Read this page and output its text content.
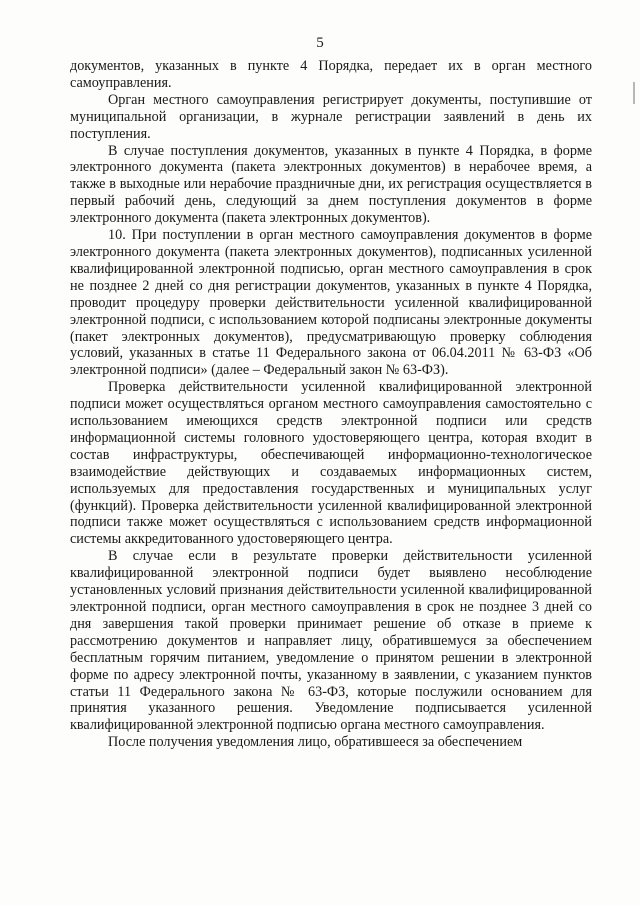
5

документов, указанных в пункте 4 Порядка, передает их в орган местного самоуправления.

Орган местного самоуправления регистрирует документы, поступившие от муниципальной организации, в журнале регистрации заявлений в день их поступления.

В случае поступления документов, указанных в пункте 4 Порядка, в форме электронного документа (пакета электронных документов) в нерабочее время, а также в выходные или нерабочие праздничные дни, их регистрация осуществляется в первый рабочий день, следующий за днем поступления документов в форме электронного документа (пакета электронных документов).

10. При поступлении в орган местного самоуправления документов в форме электронного документа (пакета электронных документов), подписанных усиленной квалифицированной электронной подписью, орган местного самоуправления в срок не позднее 2 дней со дня регистрации документов, указанных в пункте 4 Порядка, проводит процедуру проверки действительности усиленной квалифицированной электронной подписи, с использованием которой подписаны электронные документы (пакет электронных документов), предусматривающую проверку соблюдения условий, указанных в статье 11 Федерального закона от 06.04.2011 № 63-ФЗ «Об электронной подписи» (далее – Федеральный закон № 63-ФЗ).

Проверка действительности усиленной квалифицированной электронной подписи может осуществляться органом местного самоуправления самостоятельно с использованием имеющихся средств электронной подписи или средств информационной системы головного удостоверяющего центра, которая входит в состав инфраструктуры, обеспечивающей информационно-технологическое взаимодействие действующих и создаваемых информационных систем, используемых для предоставления государственных и муниципальных услуг (функций). Проверка действительности усиленной квалифицированной электронной подписи также может осуществляться с использованием средств информационной системы аккредитованного удостоверяющего центра.

В случае если в результате проверки действительности усиленной квалифицированной электронной подписи будет выявлено несоблюдение установленных условий признания действительности усиленной квалифицированной электронной подписи, орган местного самоуправления в срок не позднее 3 дней со дня завершения такой проверки принимает решение об отказе в приеме к рассмотрению документов и направляет лицу, обратившемуся за обеспечением бесплатным горячим питанием, уведомление о принятом решении в электронной форме по адресу электронной почты, указанному в заявлении, с указанием пунктов статьи 11 Федерального закона № 63-ФЗ, которые послужили основанием для принятия указанного решения. Уведомление подписывается усиленной квалифицированной электронной подписью органа местного самоуправления.

После получения уведомления лицо, обратившееся за обеспечением
